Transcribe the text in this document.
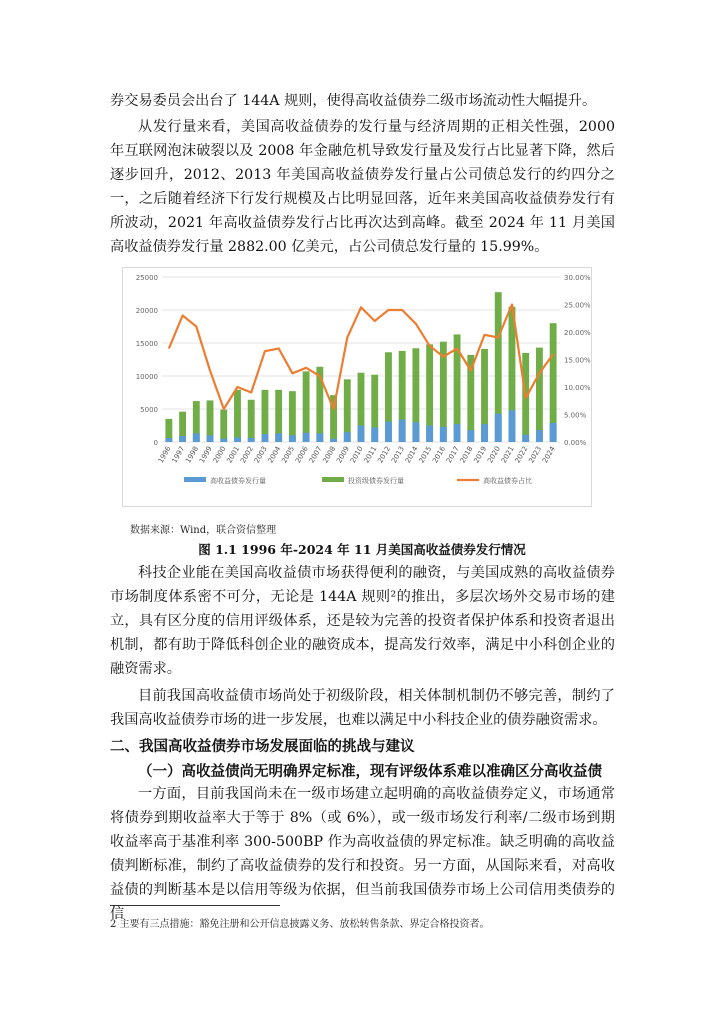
券交易委员会出台了 144A 规则，使得高收益债券二级市场流动性大幅提升。

从发行量来看，美国高收益债券的发行量与经济周期的正相关性强，2000 年互联网泡沫破裂以及 2008 年金融危机导致发行量及发行占比显著下降，然后逐步回升，2012、2013 年美国高收益债券发行量占公司债总发行的约四分之一，之后随着经济下行发行规模及占比明显回落，近年来美国高收益债券发行有所波动，2021 年高收益债券发行占比再次达到高峰。截至 2024 年 11 月美国高收益债券发行量 2882.00 亿美元，占公司债总发行量的 15.99%。

0
5000
10000
15000
20000
25000
0.00%
5.00%
10.00%
15.00%
20.00%
25.00%
30.00%
1996
1997
1998
1999
2000
2001
2002
2003
2004
2005
2006
2007
2008
2009
2010
2011
2012
2013
2014
2015
2016
2017
2018
2019
2020
2021
2022
2023
2024
高收益债券发行量	投资级债券发行量	高收益债券占比
数据来源：Wind，联合资信整理
图 1.1 1996 年-2024 年 11 月美国高收益债券发行情况

科技企业能在美国高收益债市场获得便利的融资，与美国成熟的高收益债券市场制度体系密不可分，无论是 144A 规则²的推出，多层次场外交易市场的建立，具有区分度的信用评级体系，还是较为完善的投资者保护体系和投资者退出机制，都有助于降低科创企业的融资成本，提高发行效率，满足中小科创企业的融资需求。

目前我国高收益债市场尚处于初级阶段，相关体制机制仍不够完善，制约了我国高收益债券市场的进一步发展，也难以满足中小科技企业的债券融资需求。

二、我国高收益债券市场发展面临的挑战与建议
（一）高收益债尚无明确界定标准，现有评级体系难以准确区分高收益债

一方面，目前我国尚未在一级市场建立起明确的高收益债券定义，市场通常将债券到期收益率大于等于 8%（或 6%），或一级市场发行利率/二级市场到期收益率高于基准利率 300-500BP 作为高收益债的界定标准。缺乏明确的高收益债判断标准，制约了高收益债券的发行和投资。另一方面，从国际来看，对高收益债的判断基本是以信用等级为依据，但当前我国债券市场上公司信用类债券的信

2 主要有三点措施：豁免注册和公开信息披露义务、放松转售条款、界定合格投资者。
